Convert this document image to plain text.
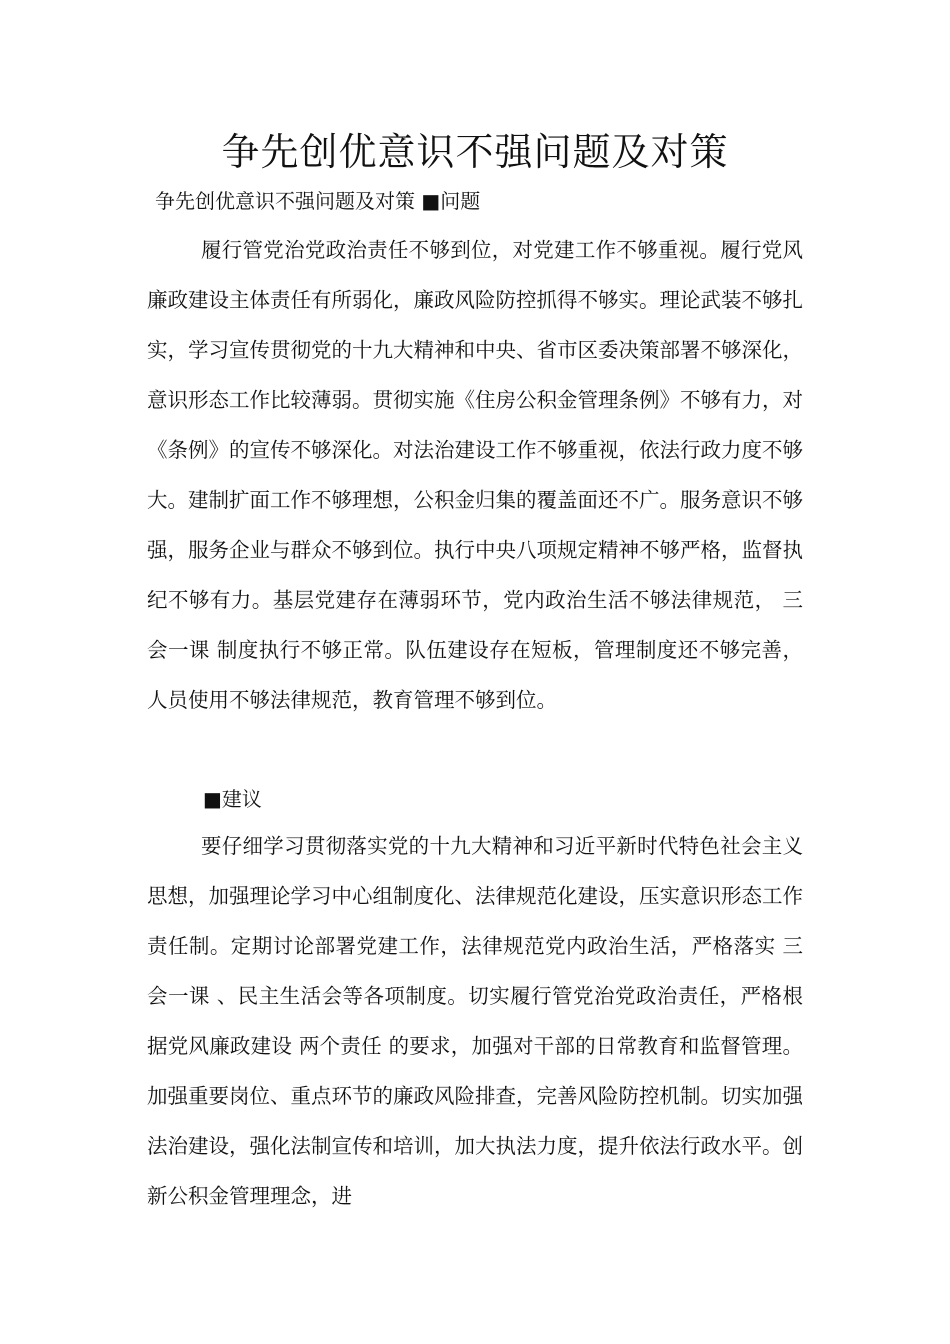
争先创优意识不强问题及对策
争先创优意识不强问题及对策 ■问题

履行管党治党政治责任不够到位，对党建工作不够重视。履行党风廉政建设主体责任有所弱化，廉政风险防控抓得不够实。理论武装不够扎实，学习宣传贯彻党的十九大精神和中央、省市区委决策部署不够深化，意识形态工作比较薄弱。贯彻实施《住房公积金管理条例》不够有力，对《条例》的宣传不够深化。对法治建设工作不够重视，依法行政力度不够大。建制扩面工作不够理想，公积金归集的覆盖面还不广。服务意识不够强，服务企业与群众不够到位。执行中央八项规定精神不够严格，监督执纪不够有力。基层党建存在薄弱环节，党内政治生活不够法律规范， 三会一课 制度执行不够正常。队伍建设存在短板，管理制度还不够完善，人员使用不够法律规范，教育管理不够到位。

■建议

要仔细学习贯彻落实党的十九大精神和习近平新时代特色社会主义思想，加强理论学习中心组制度化、法律规范化建设，压实意识形态工作责任制。定期讨论部署党建工作，法律规范党内政治生活，严格落实 三会一课 、民主生活会等各项制度。切实履行管党治党政治责任，严格根据党风廉政建设 两个责任 的要求，加强对干部的日常教育和监督管理。加强重要岗位、重点环节的廉政风险排查，完善风险防控机制。切实加强法治建设，强化法制宣传和培训，加大执法力度，提升依法行政水平。创新公积金管理理念，进
